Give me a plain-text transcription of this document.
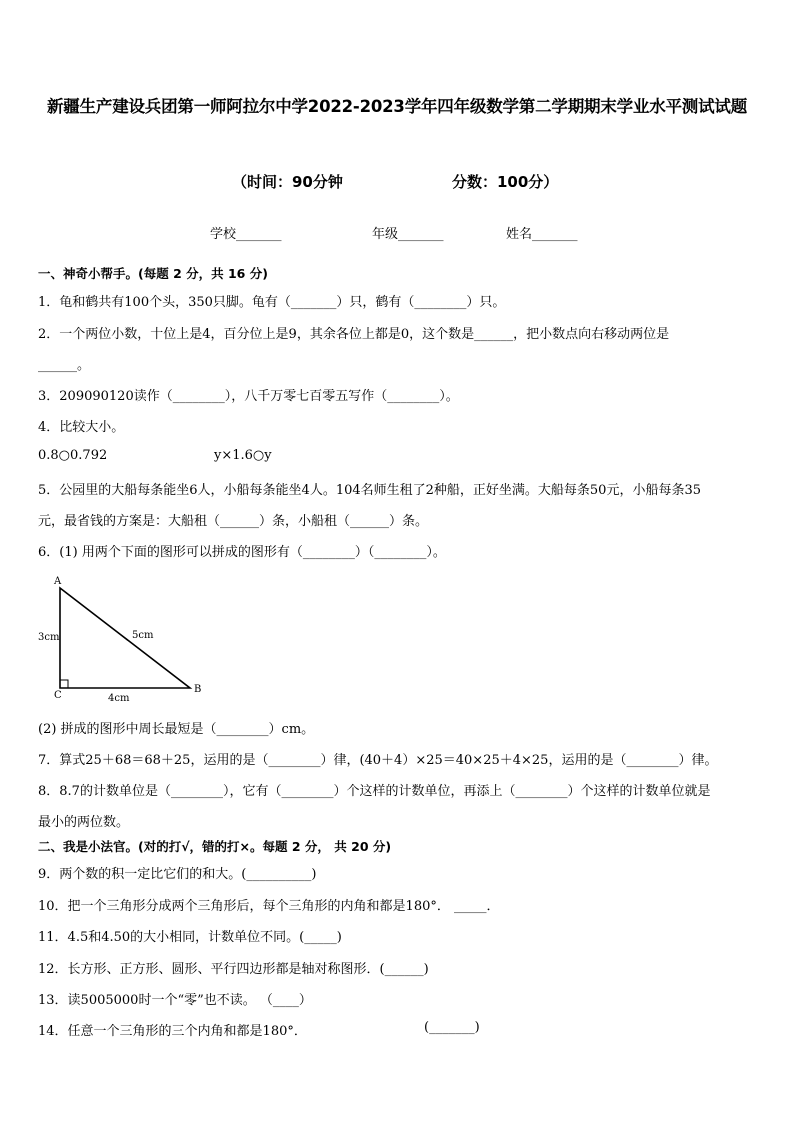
新疆生产建设兵团第一师阿拉尔中学2022-2023学年四年级数学第二学期期末学业水平测试试题
（时间：90分钟	分数：100分）
学校_______	年级_______	姓名_______
一、神奇小帮手。(每题 2 分，共 16 分)
1．龟和鹤共有100个头，350只脚。龟有（_______）只，鹤有（________）只。
2．一个两位小数，十位上是4，百分位上是9，其余各位上都是0，这个数是______，把小数点向右移动两位是
______。
3．209090120读作（________），八千万零七百零五写作（________）。
4．比较大小。
0.8○0.792	y×1.6○y
5．公园里的大船每条能坐6人，小船每条能坐4人。104名师生租了2种船，正好坐满。大船每条50元，小船每条35
元，最省钱的方案是：大船租（______）条，小船租（______）条。
6．(1) 用两个下面的图形可以拼成的图形有（________）（________）。
A
B
C
3cm	5cm
4cm
(2) 拼成的图形中周长最短是（________）cm。
7．算式25＋68＝68＋25，运用的是（________）律，(40＋4）×25＝40×25＋4×25，运用的是（________）律。
8．8.7的计数单位是（________），它有（________）个这样的计数单位，再添上（________）个这样的计数单位就是
最小的两位数。
二、我是小法官。(对的打√，错的打×。每题 2 分， 共 20 分)
9．两个数的积一定比它们的和大。(__________)
10．把一个三角形分成两个三角形后，每个三角形的内角和都是180°． _____．
11．4.5和4.50的大小相同，计数单位不同。(_____)
12．长方形、正方形、圆形、平行四边形都是轴对称图形．(______)
13．读5005000时一个“零”也不读。 （____）
14．任意一个三角形的三个内角和都是180°．	(_______)
